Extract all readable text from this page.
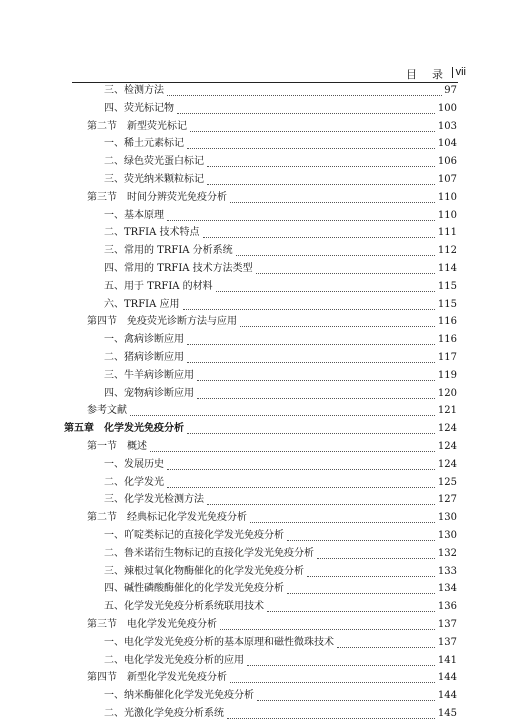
目　录 vii
三、检测方法	97
四、荧光标记物	100
第二节　新型荧光标记	103
一、稀土元素标记	104
二、绿色荧光蛋白标记	106
三、荧光纳米颗粒标记	107
第三节　时间分辨荧光免疫分析	110
一、基本原理	110
二、TRFIA 技术特点	111
三、常用的 TRFIA 分析系统	112
四、常用的 TRFIA 技术方法类型	114
五、用于 TRFIA 的材料	115
六、TRFIA 应用	115
第四节　免疫荧光诊断方法与应用	116
一、禽病诊断应用	116
二、猪病诊断应用	117
三、牛羊病诊断应用	119
四、宠物病诊断应用	120
参考文献	121
第五章　化学发光免疫分析	124
第一节　概述	124
一、发展历史	124
二、化学发光	125
三、化学发光检测方法	127
第二节　经典标记化学发光免疫分析	130
一、吖啶类标记的直接化学发光免疫分析	130
二、鲁米诺衍生物标记的直接化学发光免疫分析	132
三、辣根过氧化物酶催化的化学发光免疫分析	133
四、碱性磷酸酶催化的化学发光免疫分析	134
五、化学发光免疫分析系统联用技术	136
第三节　电化学发光免疫分析	137
一、电化学发光免疫分析的基本原理和磁性微珠技术	137
二、电化学发光免疫分析的应用	141
第四节　新型化学发光免疫分析	144
一、纳米酶催化化学发光免疫分析	144
二、光激化学免疫分析系统	145
